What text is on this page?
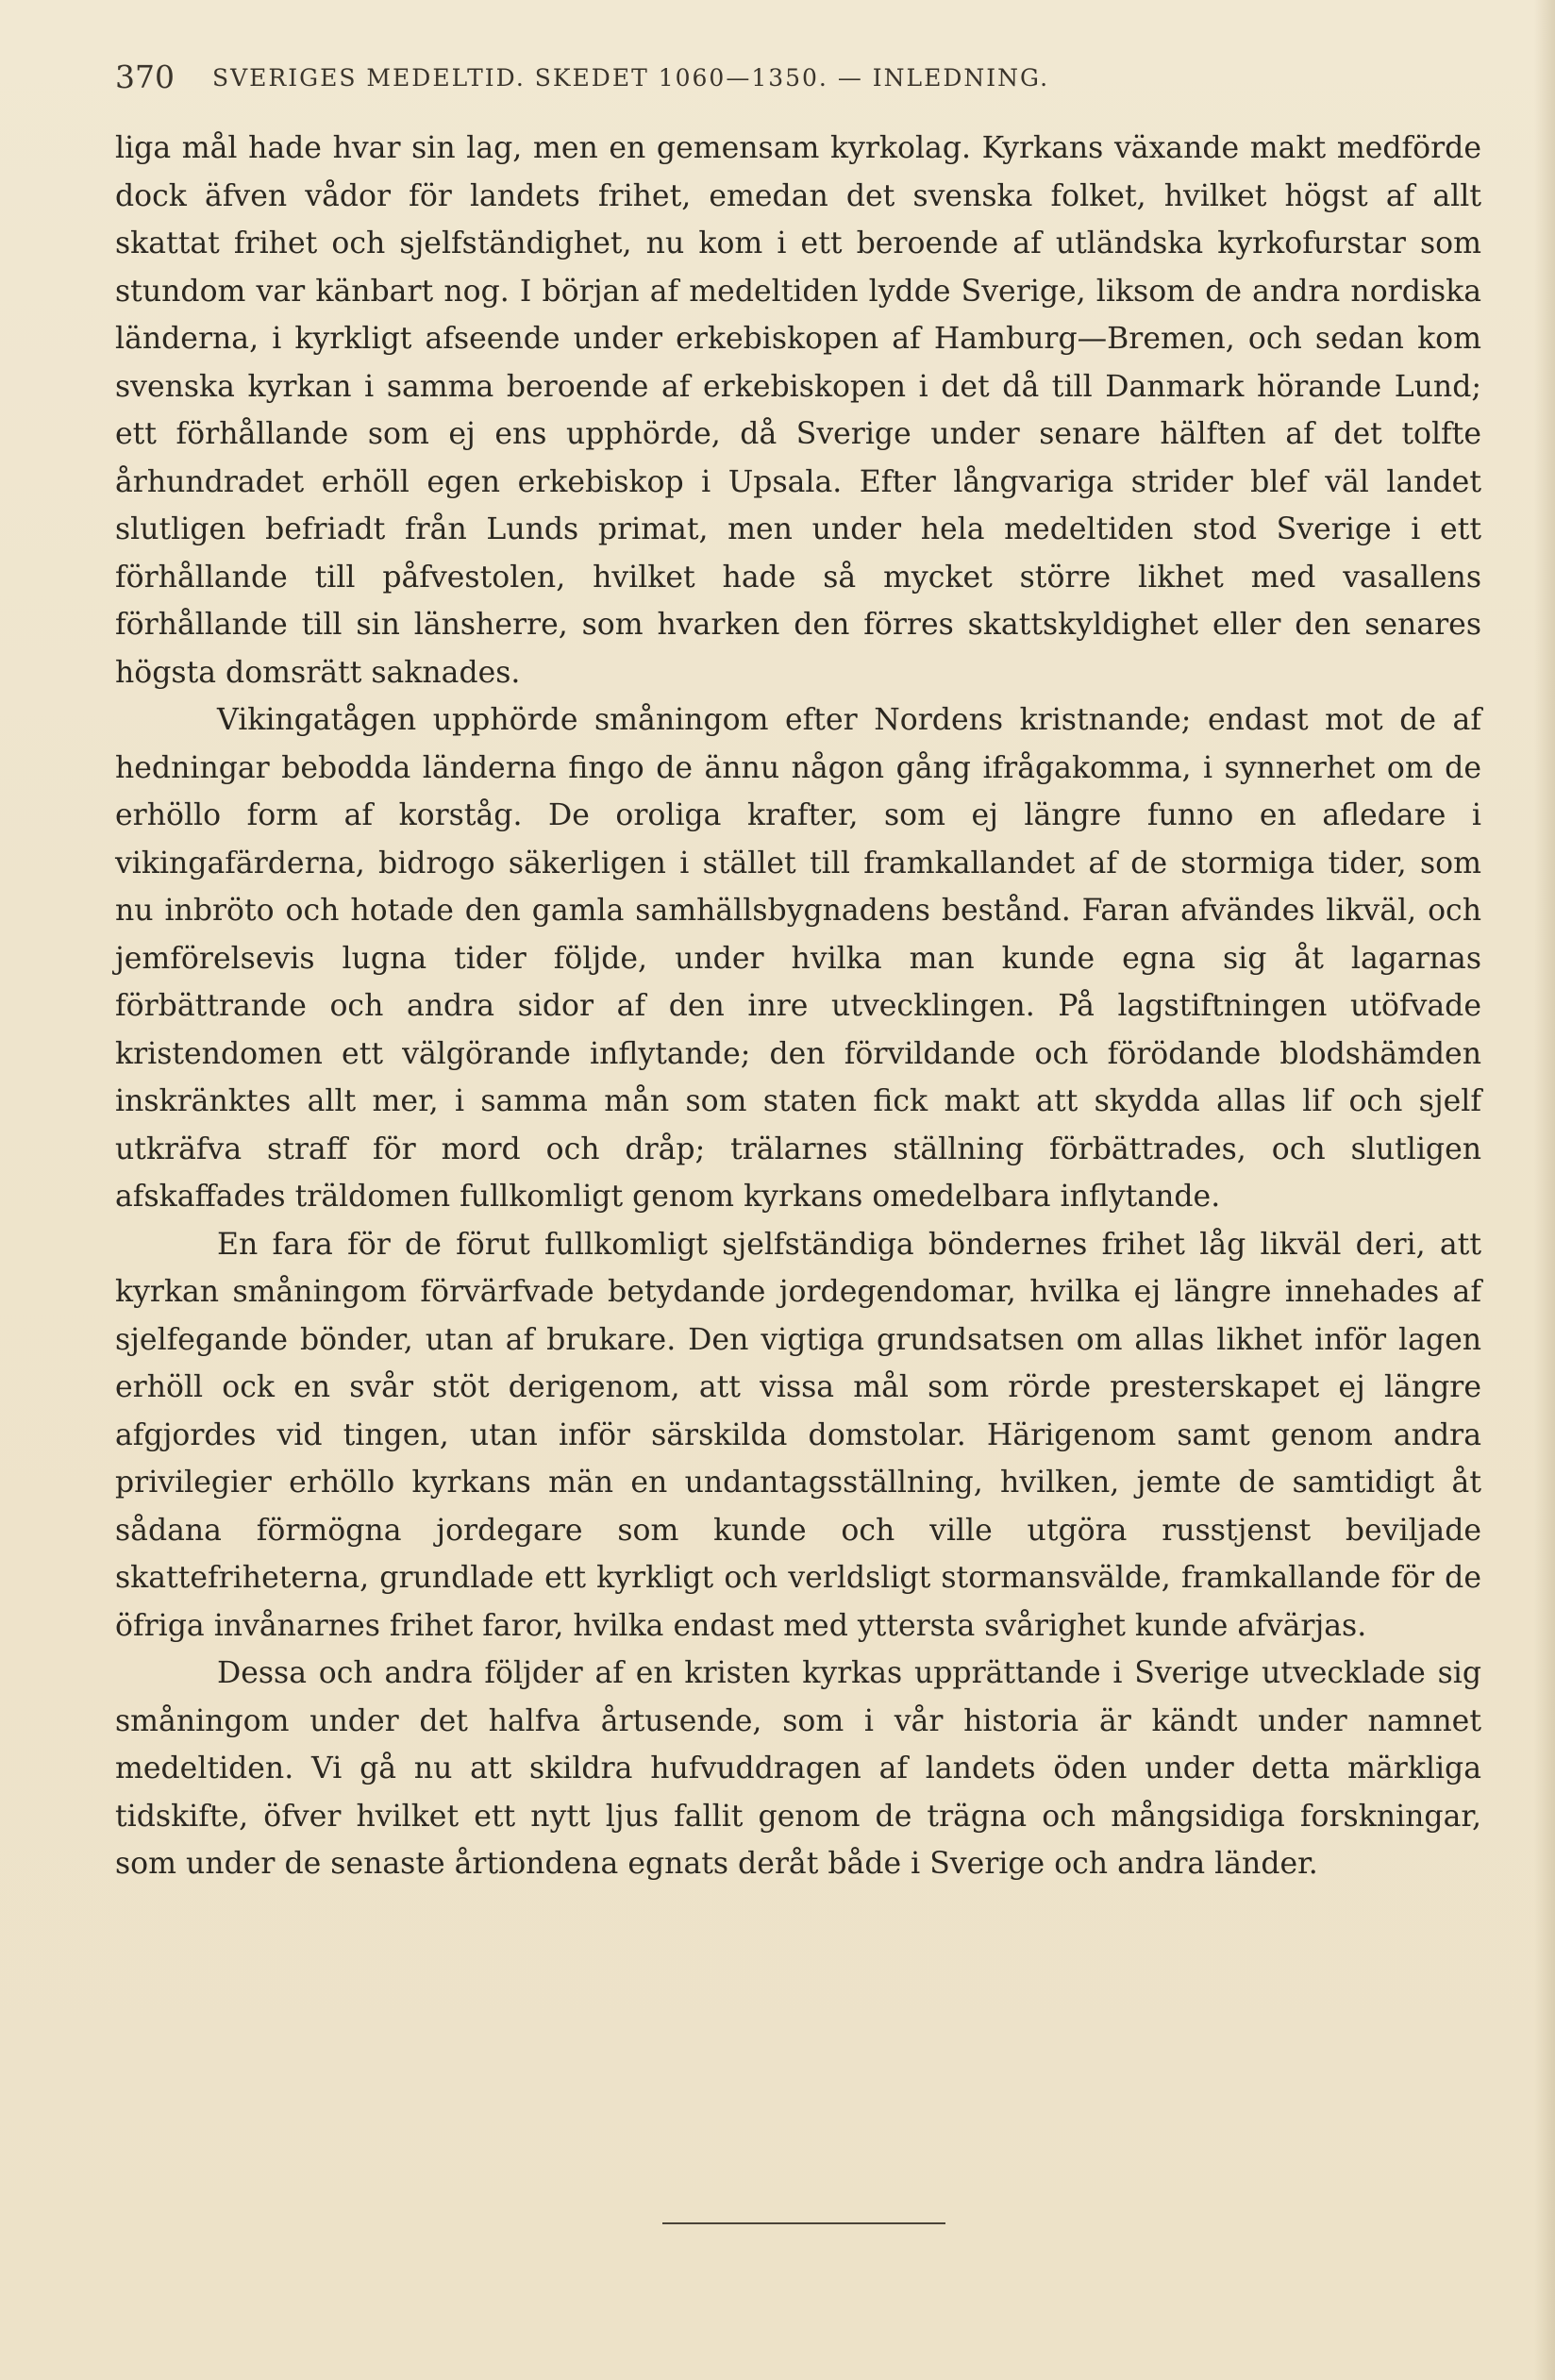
370 SVERIGES MEDELTID. SKEDET 1060—1350. — INLEDNING.

liga mål hade hvar sin lag, men en gemensam kyrkolag. Kyrkans växande makt medförde dock äfven vådor för landets frihet, emedan det svenska folket, hvilket högst af allt skattat frihet och sjelfständighet, nu kom i ett beroende af utländska kyrkofurstar som stundom var känbart nog. I början af medeltiden lydde Sverige, liksom de andra nordiska länderna, i kyrkligt afseende under erkebiskopen af Hamburg—Bremen, och sedan kom svenska kyrkan i samma beroende af erkebiskopen i det då till Danmark hörande Lund; ett förhållande som ej ens upphörde, då Sverige under senare hälften af det tolfte århundradet erhöll egen erkebiskop i Upsala. Efter långvariga strider blef väl landet slutligen befriadt från Lunds primat, men under hela medeltiden stod Sverige i ett förhållande till påfvestolen, hvilket hade så mycket större likhet med vasallens förhållande till sin länsherre, som hvarken den förres skattskyldighet eller den senares högsta domsrätt saknades.

Vikingatågen upphörde småningom efter Nordens kristnande; endast mot de af hedningar bebodda länderna fingo de ännu någon gång ifrågakomma, i synnerhet om de erhöllo form af korståg. De oroliga krafter, som ej längre funno en afledare i vikingafärderna, bidrogo säkerligen i stället till framkallandet af de stormiga tider, som nu inbröto och hotade den gamla samhällsbygnadens bestånd. Faran afvändes likväl, och jemförelsevis lugna tider följde, under hvilka man kunde egna sig åt lagarnas förbättrande och andra sidor af den inre utvecklingen. På lagstiftningen utöfvade kristendomen ett välgörande inflytande; den förvildande och förödande blodshämden inskränktes allt mer, i samma mån som staten fick makt att skydda allas lif och sjelf utkräfva straff för mord och dråp; trälarnes ställning förbättrades, och slutligen afskaffades träldomen fullkomligt genom kyrkans omedelbara inflytande.

En fara för de förut fullkomligt sjelfständiga böndernes frihet låg likväl deri, att kyrkan småningom förvärfvade betydande jordegendomar, hvilka ej längre innehades af sjelfegande bönder, utan af brukare. Den vigtiga grundsatsen om allas likhet inför lagen erhöll ock en svår stöt derigenom, att vissa mål som rörde presterskapet ej längre afgjordes vid tingen, utan inför särskilda domstolar. Härigenom samt genom andra privilegier erhöllo kyrkans män en undantagsställning, hvilken, jemte de samtidigt åt sådana förmögna jordegare som kunde och ville utgöra russtjenst beviljade skattefriheterna, grundlade ett kyrkligt och verldsligt stormansvälde, framkallande för de öfriga invånarnes frihet faror, hvilka endast med yttersta svårighet kunde afvärjas.

Dessa och andra följder af en kristen kyrkas upprättande i Sverige utvecklade sig småningom under det halfva årtusende, som i vår historia är kändt under namnet medeltiden. Vi gå nu att skildra hufvuddragen af landets öden under detta märkliga tidskifte, öfver hvilket ett nytt ljus fallit genom de trägna och mångsidiga forskningar, som under de senaste årtiondena egnats deråt både i Sverige och andra länder.
